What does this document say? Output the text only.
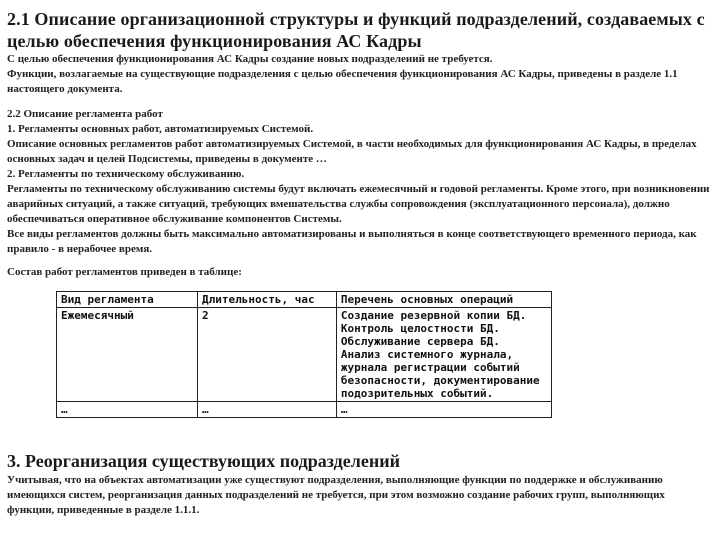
2.1 Описание организационной структуры и функций подразделений, создаваемых с целью обеспечения функционирования АС Кадры

С целью обеспечения функционирования АС Кадры создание новых подразделений не требуется.

Функции, возлагаемые на существующие подразделения с целью обеспечения функционирования АС Кадры, приведены в разделе 1.1 настоящего документа.

2.2 Описание регламента работ

1. Регламенты основных работ, автоматизируемых Системой.

Описание основных регламентов работ автоматизируемых Системой, в части необходимых для функционирования АС Кадры, в пределах основных задач и целей Подсистемы, приведены в документе …

2. Регламенты по техническому обслуживанию.

Регламенты по техническому обслуживанию системы будут включать ежемесячный и годовой регламенты. Кроме этого, при возникновении аварийных ситуаций, а также ситуаций, требующих вмешательства службы сопровождения (эксплуатационного персонала), должно обеспечиваться оперативное обслуживание компонентов Системы.

Все виды регламентов должны быть максимально автоматизированы и выполняться в конце соответствующего временного периода, как правило - в нерабочее время.

Состав работ регламентов приведен в таблице:

Вид регламента	Длительность, час	Перечень основных операций
Ежемесячный	2	Создание резервной копии БД.
Контроль целостности БД.
Обслуживание сервера БД.
Анализ системного журнала, журнала регистрации событий безопасности, документирование подозрительных событий.

…	…	…
3. Реорганизация существующих подразделений

Учитывая, что на объектах автоматизации уже существуют подразделения, выполняющие функции по поддержке и обслуживанию имеющихся систем, реорганизация данных подразделений не требуется, при этом возможно создание рабочих групп, выполняющих функции, приведенные в разделе 1.1.1.
